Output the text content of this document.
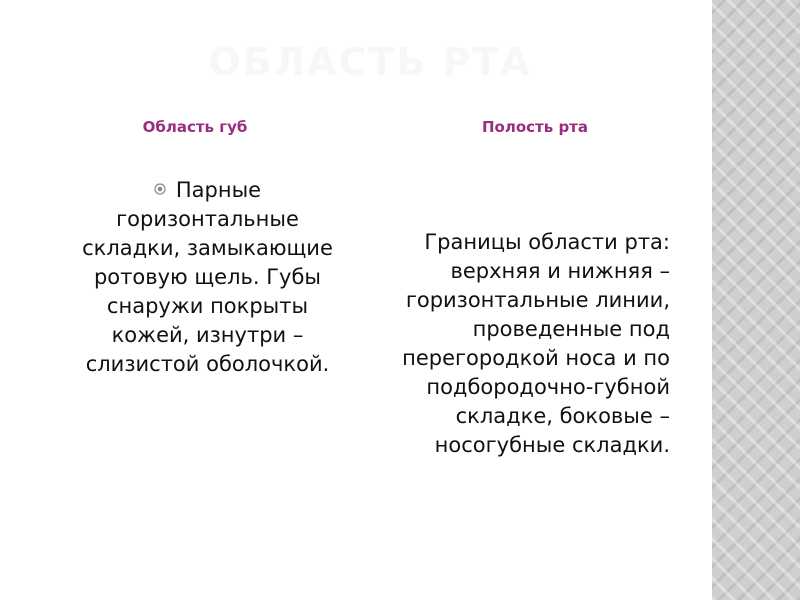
ОБЛАСТЬ РТА
Область губ	Полость рта

Парные горизонтальные складки, замыкающие ротовую щель. Губы снаружи покрыты кожей, изнутри – слизистой оболочкой.

Границы области рта: верхняя и нижняя – горизонтальные линии, проведенные под перегородкой носа и по подбородочно-губной складке, боковые – носогубные складки.
